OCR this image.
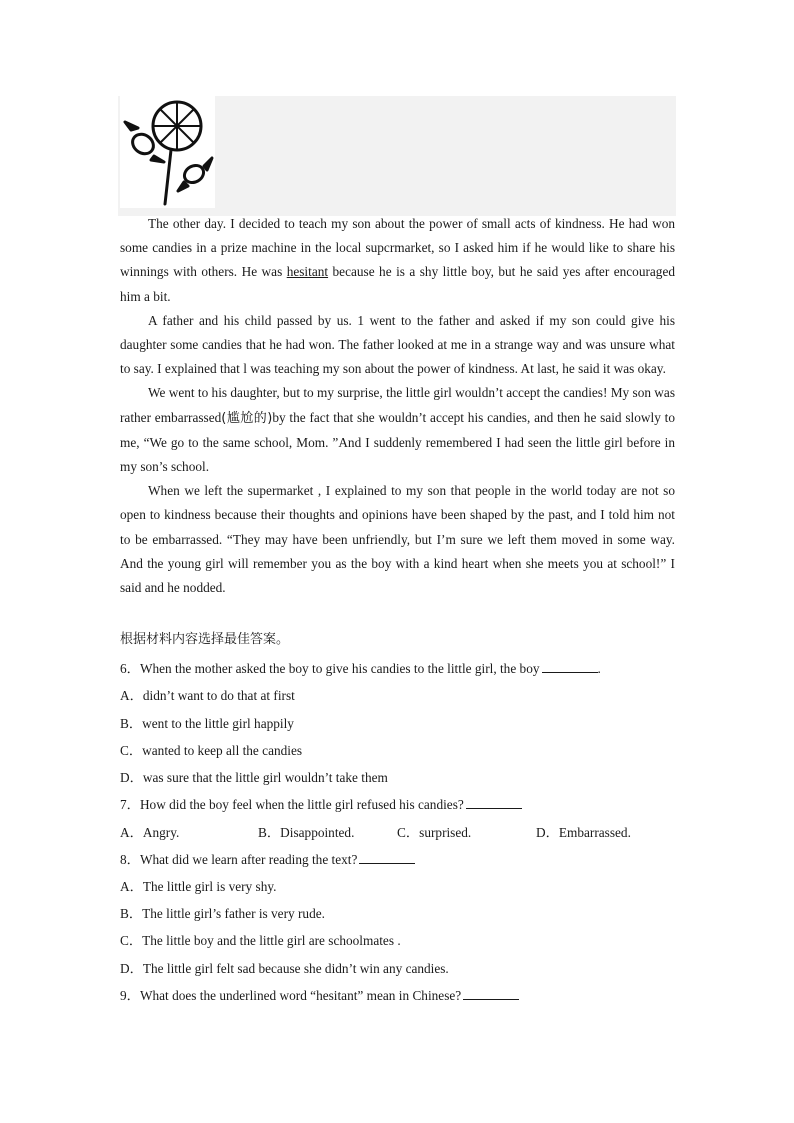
The other day. I decided to teach my son about the power of small acts of kindness. He had won some candies in a prize machine in the local supcrmarket, so I asked him if he would like to share his winnings with others. He was hesitant because he is a shy little boy, but he said yes after encouraged him a bit.

A father and his child passed by us. 1 went to the father and asked if my son could give his daughter some candies that he had won. The father looked at me in a strange way and was unsure what to say. I explained that l was teaching my son about the power of kindness. At last, he said it was okay.

We went to his daughter, but to my surprise, the little girl wouldn’t accept the candies! My son was rather embarrassed(尴尬的)by the fact that she wouldn’t accept his candies, and then he said slowly to me, “We go to the same school, Mom. ”And I suddenly remembered I had seen the little girl before in my son’s school.

When we left the supermarket , I explained to my son that people in the world today are not so open to kindness because their thoughts and opinions have been shaped by the past, and I told him not to be embarrassed. “They may have been unfriendly, but I’m sure we left them moved in some way. And the young girl will remember you as the boy with a kind heart when she meets you at school!” I said and he nodded.

根据材料内容选择最佳答案。
6．When the mother asked the boy to give his candies to the little girl, the boy	.
A．didn’t want to do that at first
B．went to the little girl happily
C．wanted to keep all the candies
D．was sure that the little girl wouldn’t take them
7．How did the boy feel when the little girl refused his candies?
A．Angry.	B．Disappointed.	C．surprised.	D．Embarrassed.
8．What did we learn after reading the text?
A．The little girl is very shy.
B．The little girl’s father is very rude.
C．The little boy and the little girl are schoolmates .
D．The little girl felt sad because she didn’t win any candies.
9．What does the underlined word “hesitant” mean in Chinese?
